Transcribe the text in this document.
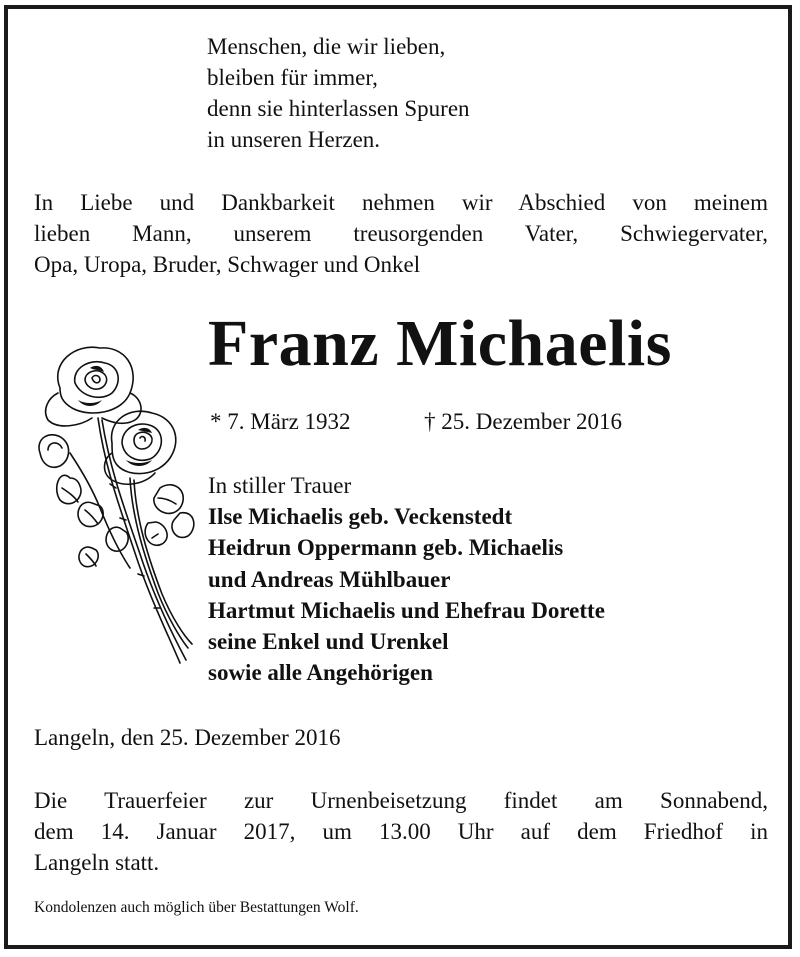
Menschen, die wir lieben,
bleiben für immer,
denn sie hinterlassen Spuren
in unseren Herzen.
In Liebe und Dankbarkeit nehmen wir Abschied von meinem
lieben Mann, unserem treusorgenden Vater, Schwiegervater,
Opa, Uropa, Bruder, Schwager und Onkel
Franz Michaelis
* 7. März 1932	† 25. Dezember 2016
In stiller Trauer
Ilse Michaelis geb. Veckenstedt
Heidrun Oppermann geb. Michaelis
und Andreas Mühlbauer
Hartmut Michaelis und Ehefrau Dorette
seine Enkel und Urenkel
sowie alle Angehörigen
Langeln, den 25. Dezember 2016
Die Trauerfeier zur Urnenbeisetzung findet am Sonnabend,
dem 14. Januar 2017, um 13.00 Uhr auf dem Friedhof in
Langeln statt.
Kondolenzen auch möglich über Bestattungen Wolf.
